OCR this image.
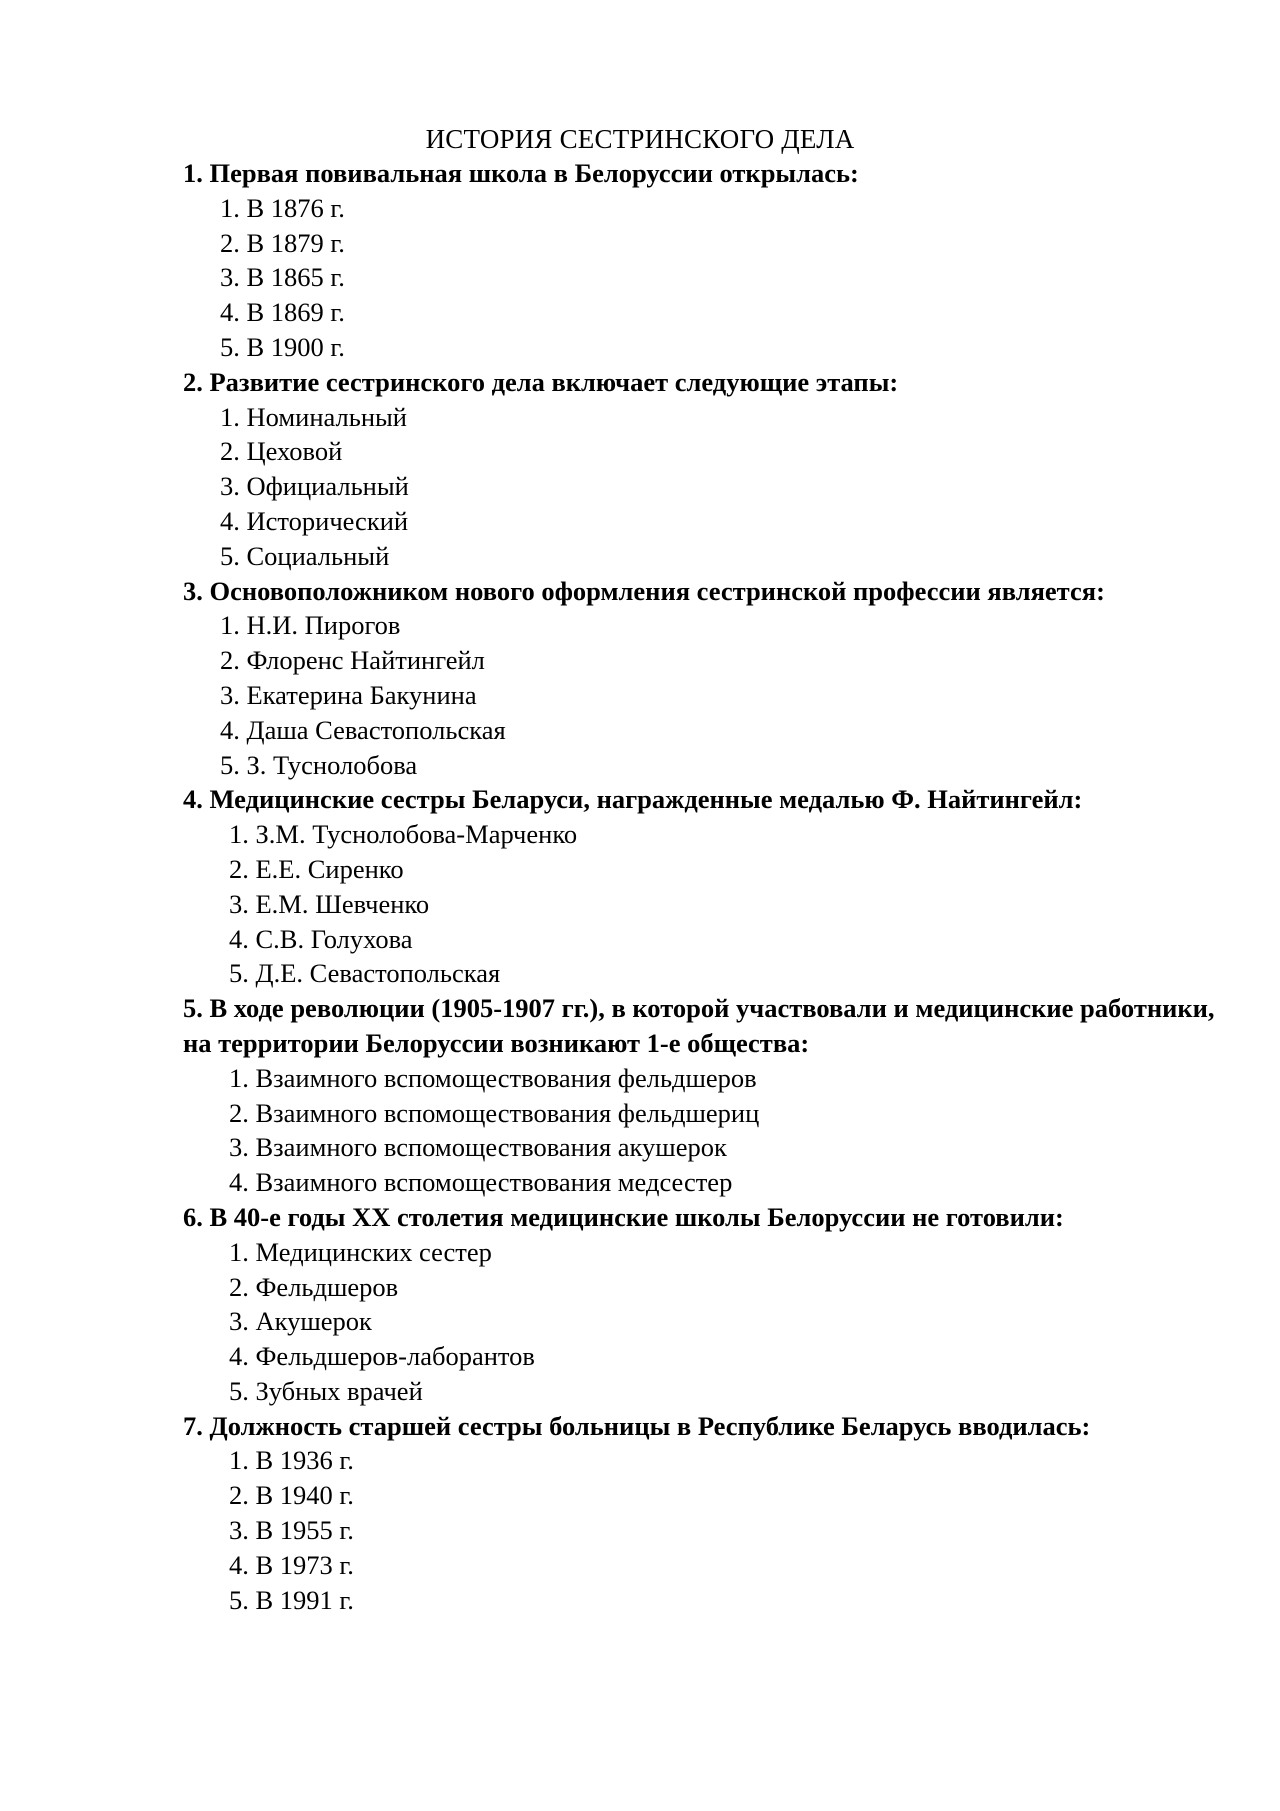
ИСТОРИЯ СЕСТРИНСКОГО ДЕЛА

1. Первая повивальная школа в Белоруссии открылась:

1. В 1876 г.
2. В 1879 г.
3. В 1865 г.
4. В 1869 г.
5. В 1900 г.

2. Развитие сестринского дела включает следующие этапы:

1. Номинальный
2. Цеховой
3. Официальный
4. Исторический
5. Социальный

3. Основоположником нового оформления сестринской профессии является:

1. Н.И. Пирогов
2. Флоренс Найтингейл
3. Екатерина Бакунина
4. Даша Севастопольская
5. З. Туснолобова

4. Медицинские сестры Беларуси, награжденные медалью Ф. Найтингейл:

1. З.М. Туснолобова-Марченко
2. Е.Е. Сиренко
3. Е.М. Шевченко
4. С.В. Голухова
5. Д.Е. Севастопольская

5. В ходе революции (1905-1907 гг.), в которой участвовали и медицинские работники, на территории Белоруссии возникают 1-е общества:

1. Взаимного вспомоществования фельдшеров
2. Взаимного вспомоществования фельдшериц
3. Взаимного вспомоществования акушерок
4. Взаимного вспомоществования медсестер

6. В 40-е годы ХХ столетия медицинские школы Белоруссии не готовили:

1. Медицинских сестер
2. Фельдшеров
3. Акушерок
4. Фельдшеров-лаборантов
5. Зубных врачей

7. Должность старшей сестры больницы в Республике Беларусь вводилась:

1. В 1936 г.
2. В 1940 г.
3. В 1955 г.
4. В 1973 г.
5. В 1991 г.
